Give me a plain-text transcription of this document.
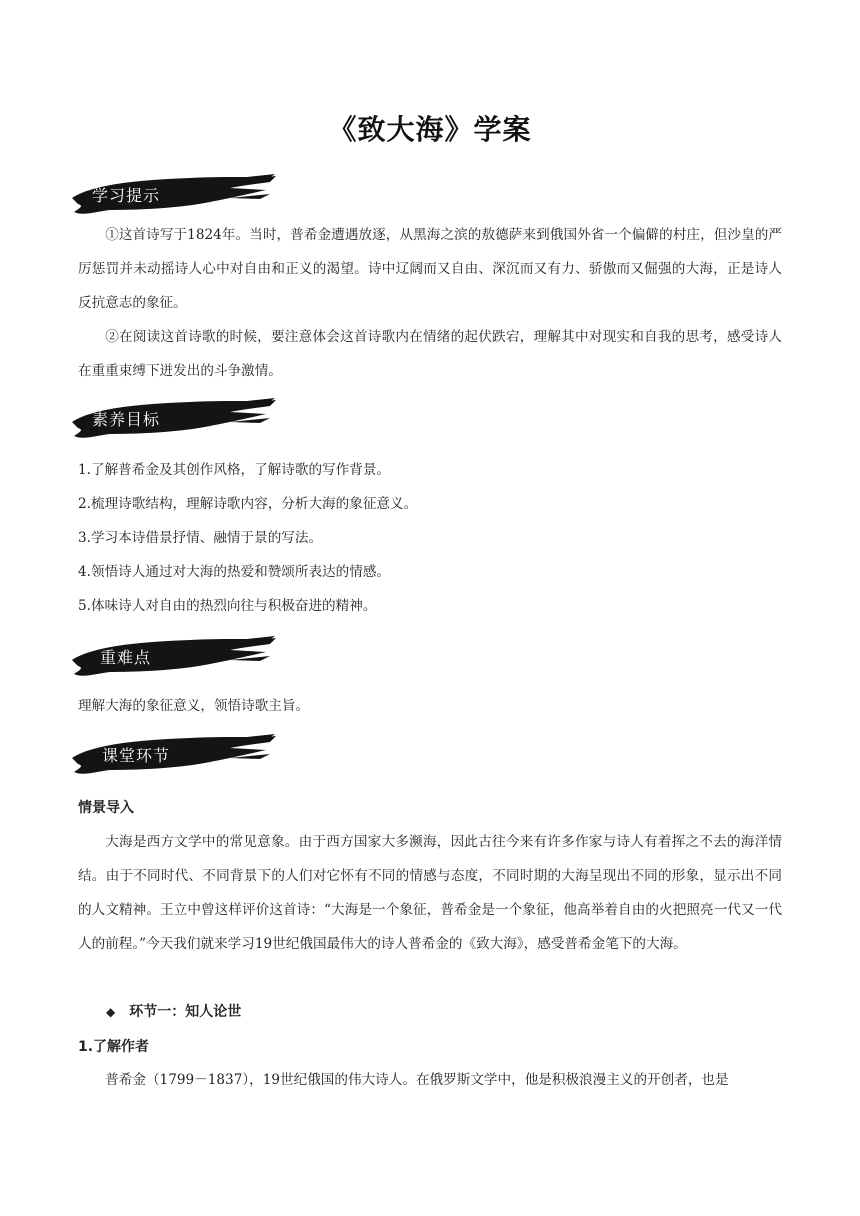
《致大海》学案
学习提示

①这首诗写于1824年。当时，普希金遭遇放逐，从黑海之滨的敖德萨来到俄国外省一个偏僻的村庄，但沙皇的严厉惩罚并未动摇诗人心中对自由和正义的渴望。诗中辽阔而又自由、深沉而又有力、骄傲而又倔强的大海，正是诗人反抗意志的象征。

②在阅读这首诗歌的时候，要注意体会这首诗歌内在情绪的起伏跌宕，理解其中对现实和自我的思考，感受诗人在重重束缚下迸发出的斗争激情。

素养目标
1.了解普希金及其创作风格，了解诗歌的写作背景。
2.梳理诗歌结构，理解诗歌内容，分析大海的象征意义。
3.学习本诗借景抒情、融情于景的写法。
4.领悟诗人通过对大海的热爱和赞颂所表达的情感。
5.体味诗人对自由的热烈向往与积极奋进的精神。
重难点
理解大海的象征意义，领悟诗歌主旨。
课堂环节
情景导入

大海是西方文学中的常见意象。由于西方国家大多濒海，因此古往今来有许多作家与诗人有着挥之不去的海洋情结。由于不同时代、不同背景下的人们对它怀有不同的情感与态度，不同时期的大海呈现出不同的形象，显示出不同的人文精神。王立中曾这样评价这首诗：“大海是一个象征，普希金是一个象征，他高举着自由的火把照亮一代又一代人的前程。”今天我们就来学习19世纪俄国最伟大的诗人普希金的《致大海》，感受普希金笔下的大海。

◆ 环节一：知人论世
1.了解作者

普希金（1799－1837），19世纪俄国的伟大诗人。在俄罗斯文学中，他是积极浪漫主义的开创者，也是
